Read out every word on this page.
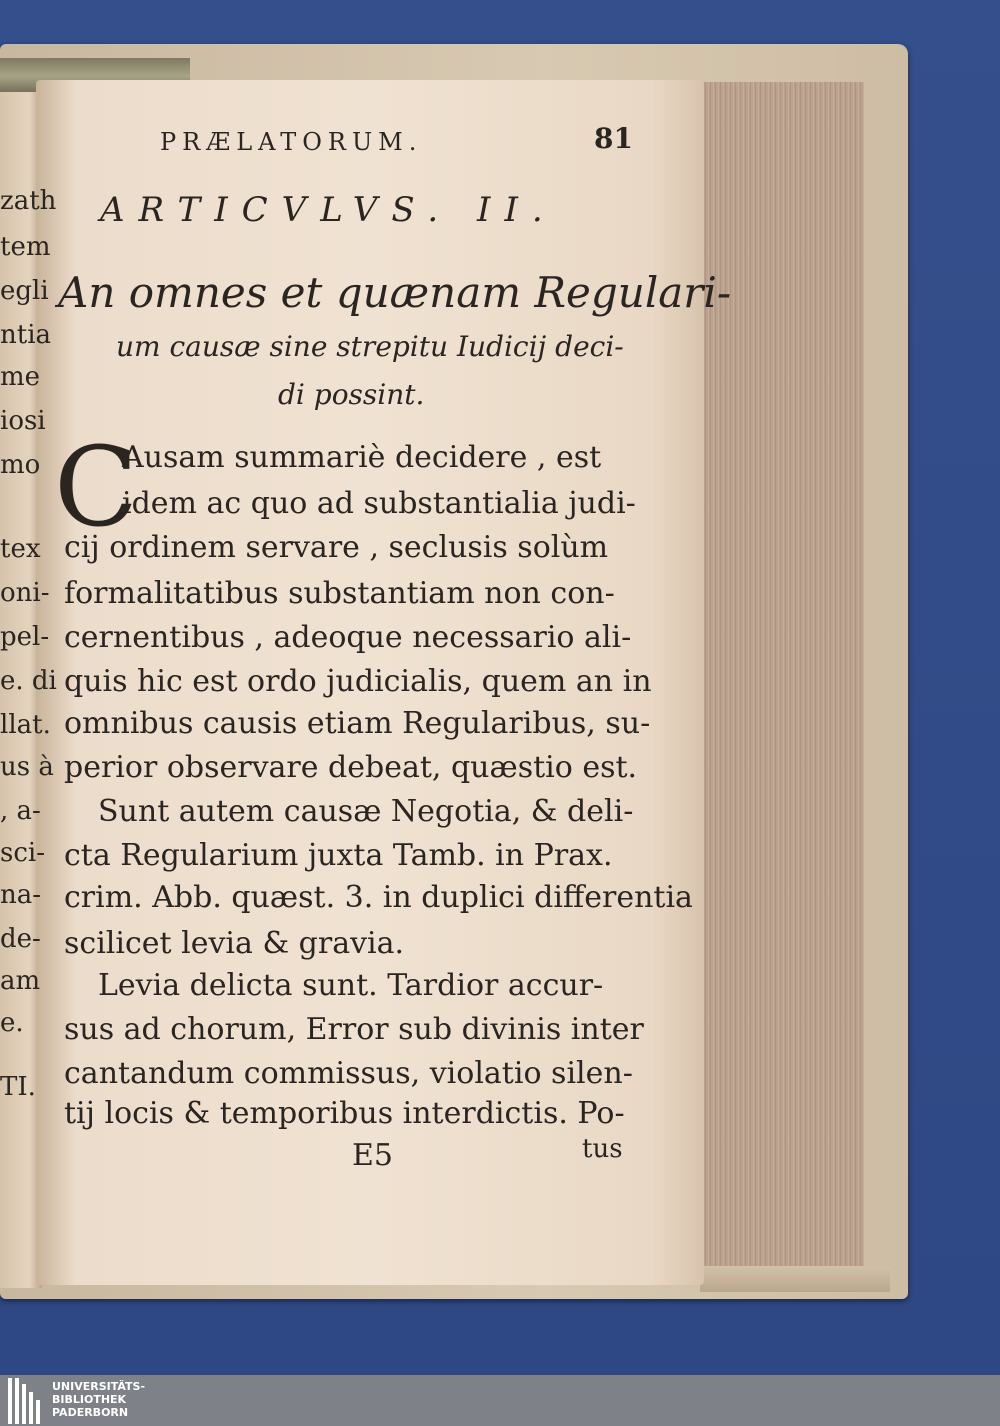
zath
tem
egli
ntia
me
iosi
mo
tex
oni-
pel-
e. di
llat.
us à
, a-
sci-
na-
de-
am
e.
TI.
PRÆLATORUM.	81
ARTICVLVS. II.
An omnes et quænam Regulari-
um causæ sine strepitu Iudicij deci-
di possint.
C
Ausam summariè decidere , est
idem ac quo ad substantialia judi-
cij ordinem servare , seclusis solùm
formalitatibus substantiam non con-
cernentibus , adeoque necessario ali-
quis hic est ordo judicialis, quem an in
omnibus causis etiam Regularibus, su-
perior observare debeat, quæstio est.
Sunt autem causæ Negotia, & deli-
cta Regularium juxta Tamb. in Prax.
crim. Abb. quæst. 3. in duplici differentia
scilicet levia & gravia.
Levia delicta sunt. Tardior accur-
sus ad chorum, Error sub divinis inter
cantandum commissus, violatio silen-
tij locis & temporibus interdictis. Po-
E5	tus
UNIVERSITÄTS-
BIBLIOTHEK
PADERBORN
